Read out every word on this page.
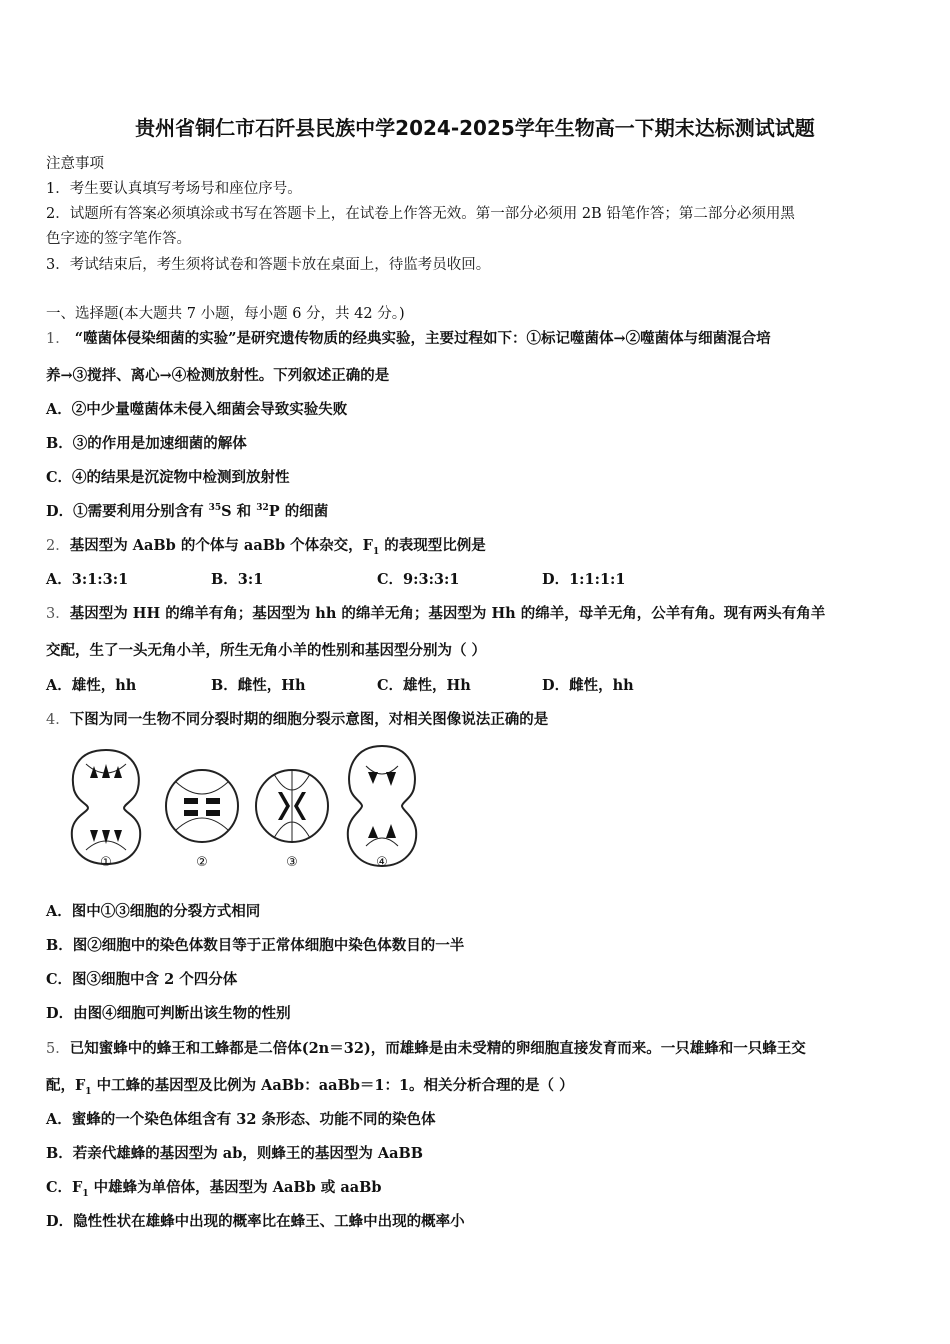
贵州省铜仁市石阡县民族中学2024-2025学年生物高一下期末达标测试试题
注意事项
1．考生要认真填写考场号和座位序号。
2．试题所有答案必须填涂或书写在答题卡上，在试卷上作答无效。第一部分必须用 2B 铅笔作答；第二部分必须用黑
色字迹的签字笔作答。
3．考试结束后，考生须将试卷和答题卡放在桌面上，待监考员收回。
一、选择题(本大题共 7 小题，每小题 6 分，共 42 分。)
1． “噬菌体侵染细菌的实验”是研究遗传物质的经典实验，主要过程如下：①标记噬菌体→②噬菌体与细菌混合培
养→③搅拌、离心→④检测放射性。下列叙述正确的是
A．②中少量噬菌体未侵入细菌会导致实验失败
B．③的作用是加速细菌的解体
C．④的结果是沉淀物中检测到放射性
D．①需要利用分别含有 $^{35}$S 和 $^{32}$P 的细菌
2．基因型为 AaBb 的个体与 aaBb 个体杂交，$F_1$ 的表现型比例是
A．3:1:3:1	B．3:1	C．9:3:3:1	D．1:1:1:1
3．基因型为 HH 的绵羊有角；基因型为 hh 的绵羊无角；基因型为 Hh 的绵羊，母羊无角，公羊有角。现有两头有角羊
交配，生了一头无角小羊，所生无角小羊的性别和基因型分别为（ ）
A．雄性，hh	B．雌性，Hh	C．雄性，Hh	D．雌性，hh
4．下图为同一生物不同分裂时期的细胞分裂示意图，对相关图像说法正确的是
①	②	③	④
A．图中①③细胞的分裂方式相同
B．图②细胞中的染色体数目等于正常体细胞中染色体数目的一半
C．图③细胞中含 2 个四分体
D．由图④细胞可判断出该生物的性别
5．已知蜜蜂中的蜂王和工蜂都是二倍体(2n＝32)，而雄蜂是由未受精的卵细胞直接发育而来。一只雄蜂和一只蜂王交
配，$F_1$ 中工蜂的基因型及比例为 AaBb：aaBb＝1：1。相关分析合理的是（ ）
A．蜜蜂的一个染色体组含有 32 条形态、功能不同的染色体
B．若亲代雄蜂的基因型为 ab，则蜂王的基因型为 AaBB
C．$F_1$ 中雄蜂为单倍体，基因型为 AaBb 或 aaBb
D．隐性性状在雄蜂中出现的概率比在蜂王、工蜂中出现的概率小
